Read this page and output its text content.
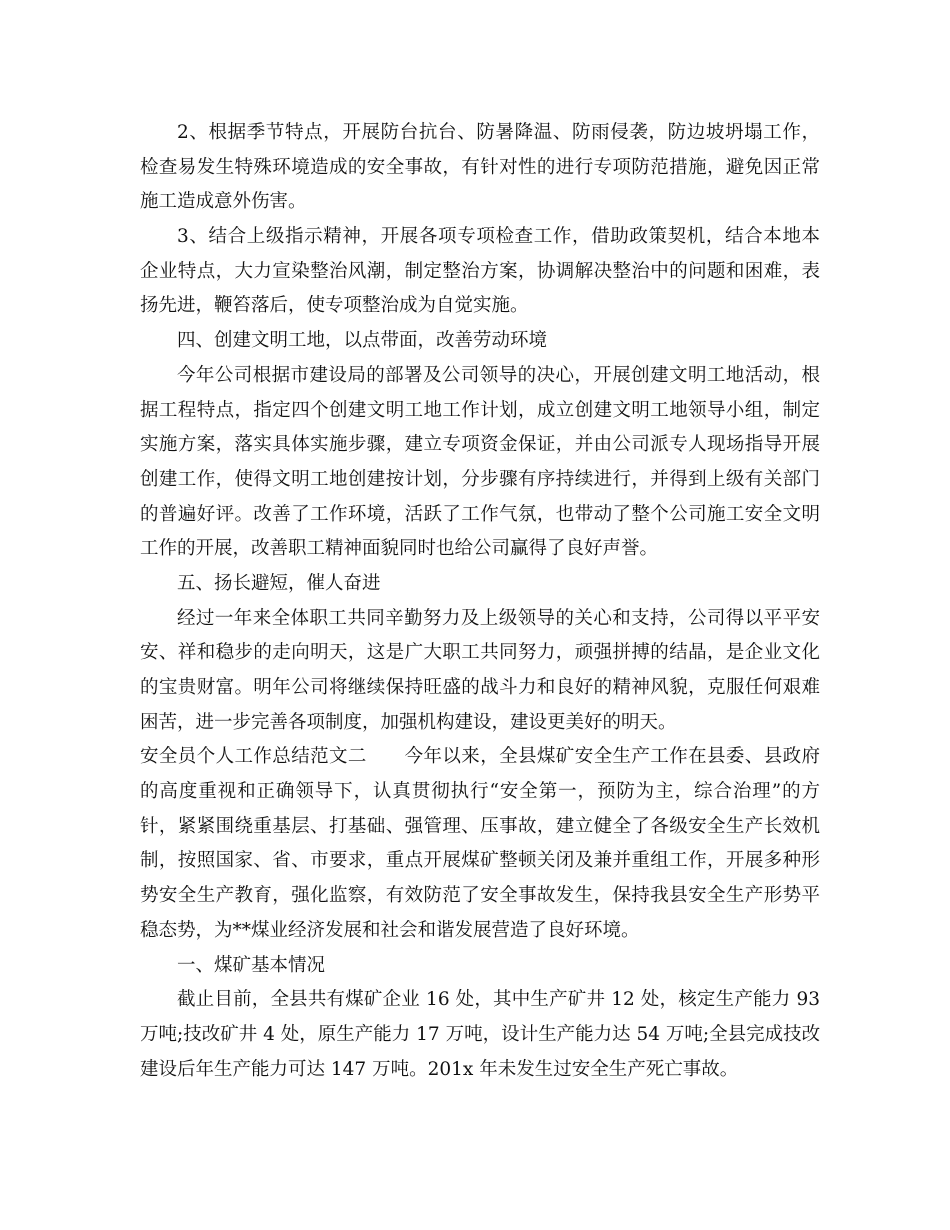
2、根据季节特点，开展防台抗台、防暑降温、防雨侵袭，防边坡坍塌工作，
检查易发生特殊环境造成的安全事故，有针对性的进行专项防范措施，避免因正常
施工造成意外伤害。
3、结合上级指示精神，开展各项专项检查工作，借助政策契机，结合本地本
企业特点，大力宣染整治风潮，制定整治方案，协调解决整治中的问题和困难，表
扬先进，鞭笞落后，使专项整治成为自觉实施。
四、创建文明工地，以点带面，改善劳动环境
今年公司根据市建设局的部署及公司领导的决心，开展创建文明工地活动，根
据工程特点，指定四个创建文明工地工作计划，成立创建文明工地领导小组，制定
实施方案，落实具体实施步骤，建立专项资金保证，并由公司派专人现场指导开展
创建工作，使得文明工地创建按计划，分步骤有序持续进行，并得到上级有关部门
的普遍好评。改善了工作环境，活跃了工作气氛，也带动了整个公司施工安全文明
工作的开展，改善职工精神面貌同时也给公司赢得了良好声誉。
五、扬长避短，催人奋进
经过一年来全体职工共同辛勤努力及上级领导的关心和支持，公司得以平平安
安、祥和稳步的走向明天，这是广大职工共同努力，顽强拼搏的结晶，是企业文化
的宝贵财富。明年公司将继续保持旺盛的战斗力和良好的精神风貌，克服任何艰难
困苦，进一步完善各项制度，加强机构建设，建设更美好的明天。
安全员个人工作总结范文二　　今年以来，全县煤矿安全生产工作在县委、县政府
的高度重视和正确领导下，认真贯彻执行“安全第一，预防为主，综合治理”的方
针，紧紧围绕重基层、打基础、强管理、压事故，建立健全了各级安全生产长效机
制，按照国家、省、市要求，重点开展煤矿整顿关闭及兼并重组工作，开展多种形
势安全生产教育，强化监察，有效防范了安全事故发生，保持我县安全生产形势平
稳态势，为**煤业经济发展和社会和谐发展营造了良好环境。
一、煤矿基本情况
截止目前，全县共有煤矿企业 16 处，其中生产矿井 12 处，核定生产能力 93
万吨;技改矿井 4 处，原生产能力 17 万吨，设计生产能力达 54 万吨;全县完成技改
建设后年生产能力可达 147 万吨。201x 年未发生过安全生产死亡事故。
